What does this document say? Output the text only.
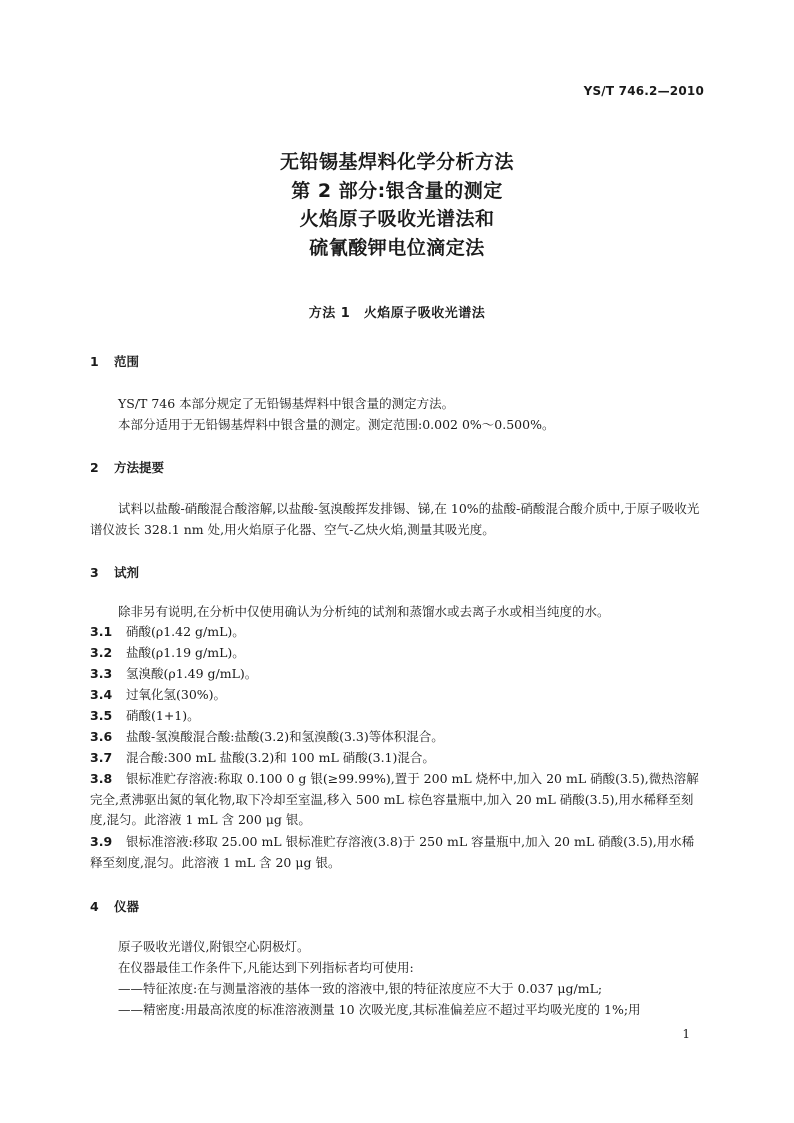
YS/T 746.2—2010
无铅锡基焊料化学分析方法
第 2 部分:银含量的测定
火焰原子吸收光谱法和
硫氰酸钾电位滴定法
方法 1　火焰原子吸收光谱法
1 范围
YS/T 746 本部分规定了无铅锡基焊料中银含量的测定方法。
本部分适用于无铅锡基焊料中银含量的测定。测定范围:0.002 0%～0.500%。
2 方法提要
试料以盐酸-硝酸混合酸溶解,以盐酸-氢溴酸挥发排锡、锑,在 10%的盐酸-硝酸混合酸介质中,于原子吸收光谱仪波长 328.1 nm 处,用火焰原子化器、空气-乙炔火焰,测量其吸光度。
3 试剂
除非另有说明,在分析中仅使用确认为分析纯的试剂和蒸馏水或去离子水或相当纯度的水。
3.1 硝酸(ρ1.42 g/mL)。
3.2 盐酸(ρ1.19 g/mL)。
3.3 氢溴酸(ρ1.49 g/mL)。
3.4 过氧化氢(30%)。
3.5 硝酸(1+1)。
3.6 盐酸-氢溴酸混合酸:盐酸(3.2)和氢溴酸(3.3)等体积混合。
3.7 混合酸:300 mL 盐酸(3.2)和 100 mL 硝酸(3.1)混合。
3.8 银标准贮存溶液:称取 0.100 0 g 银(≥99.99%),置于 200 mL 烧杯中,加入 20 mL 硝酸(3.5),微热溶解完全,煮沸驱出氮的氧化物,取下冷却至室温,移入 500 mL 棕色容量瓶中,加入 20 mL 硝酸(3.5),用水稀释至刻度,混匀。此溶液 1 mL 含 200 μg 银。
3.9 银标准溶液:移取 25.00 mL 银标准贮存溶液(3.8)于 250 mL 容量瓶中,加入 20 mL 硝酸(3.5),用水稀释至刻度,混匀。此溶液 1 mL 含 20 μg 银。
4 仪器
原子吸收光谱仪,附银空心阴极灯。
在仪器最佳工作条件下,凡能达到下列指标者均可使用:
——特征浓度:在与测量溶液的基体一致的溶液中,银的特征浓度应不大于 0.037 μg/mL;
——精密度:用最高浓度的标准溶液测量 10 次吸光度,其标准偏差应不超过平均吸光度的 1%;用
1
